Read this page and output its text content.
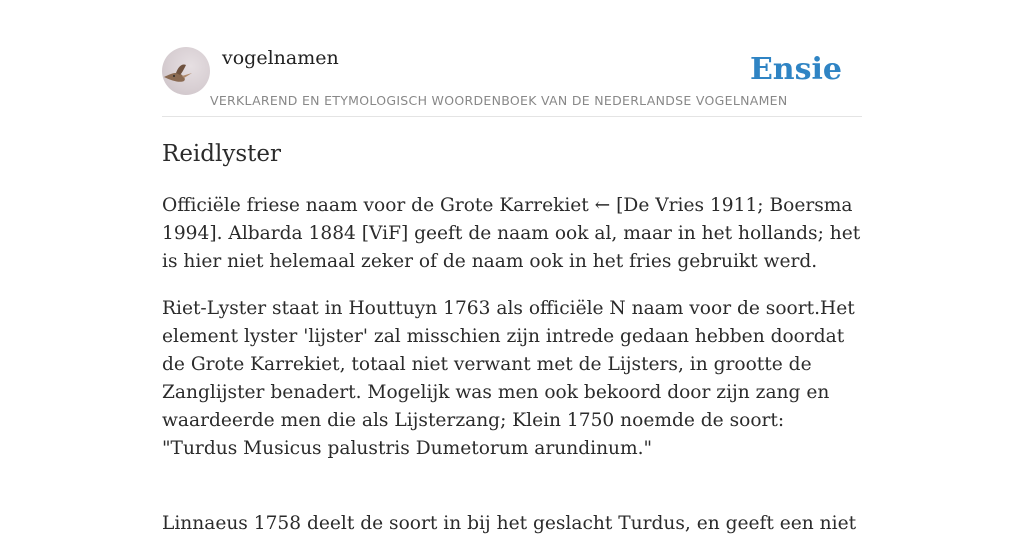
vogelnamen	Ensie
VERKLAREND EN ETYMOLOGISCH WOORDENBOEK VAN DE NEDERLANDSE VOGELNAMEN
Reidlyster

Officiële friese naam voor de Grote Karrekiet ← [De Vries 1911; Boersma 1994]. Albarda 1884 [ViF] geeft de naam ook al, maar in het hollands; het is hier niet helemaal zeker of de naam ook in het fries gebruikt werd.

Riet-Lyster staat in Houttuyn 1763 als officiële N naam voor de soort.Het element lyster 'lijster' zal misschien zijn intrede gedaan hebben doordat de Grote Karrekiet, totaal niet verwant met de Lijsters, in grootte de Zanglijster benadert. Mogelijk was men ook bekoord door zijn zang en waardeerde men die als Lijsterzang; Klein 1750 noemde de soort: "Turdus Musicus palustris Dumetorum arundinum."

Linnaeus 1758 deelt de soort in bij het geslacht Turdus, en geeft een niet
